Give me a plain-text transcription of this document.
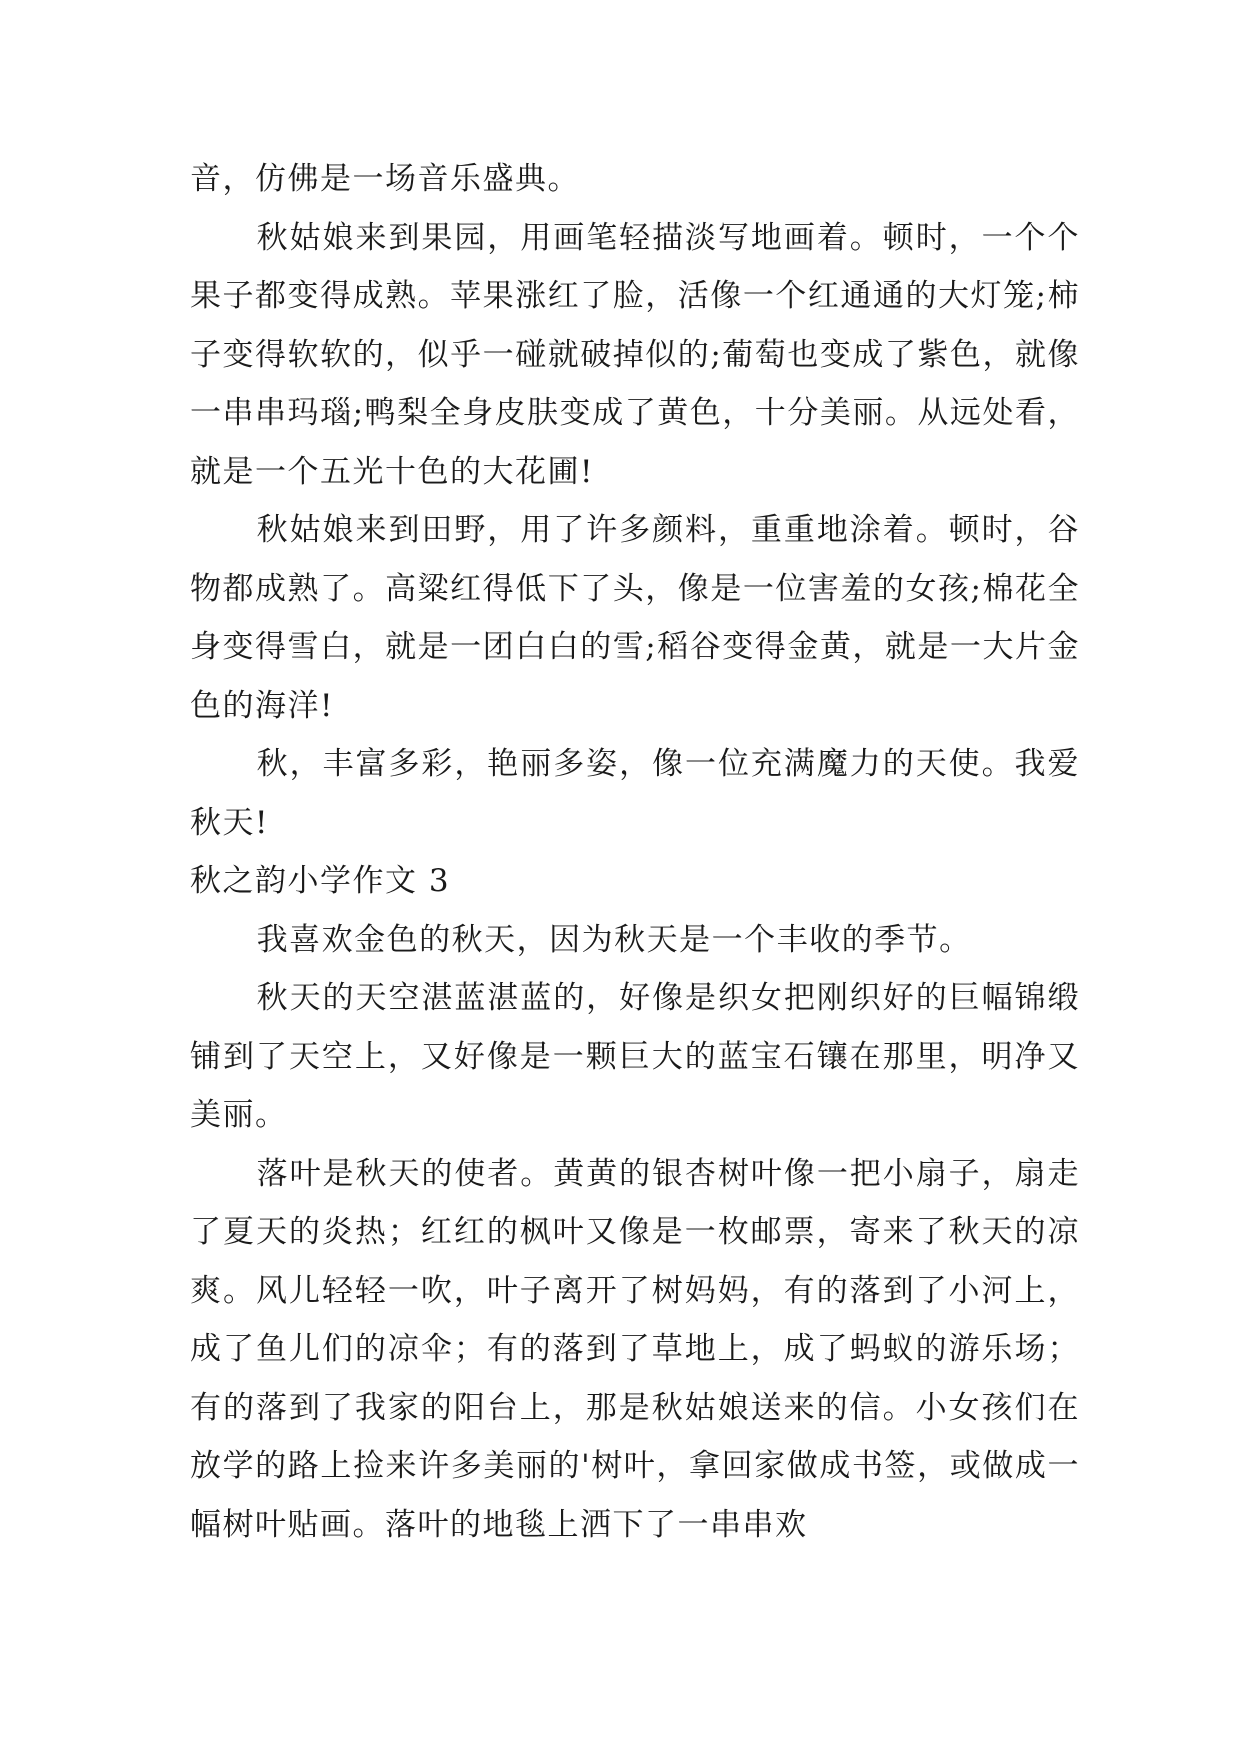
音，仿佛是一场音乐盛典。

秋姑娘来到果园，用画笔轻描淡写地画着。顿时，一个个果子都变得成熟。苹果涨红了脸，活像一个红通通的大灯笼;柿子变得软软的，似乎一碰就破掉似的;葡萄也变成了紫色，就像一串串玛瑙;鸭梨全身皮肤变成了黄色，十分美丽。从远处看，就是一个五光十色的大花圃!

秋姑娘来到田野，用了许多颜料，重重地涂着。顿时，谷物都成熟了。高粱红得低下了头，像是一位害羞的女孩;棉花全身变得雪白，就是一团白白的雪;稻谷变得金黄，就是一大片金色的海洋!

秋，丰富多彩，艳丽多姿，像一位充满魔力的天使。我爱秋天!

秋之韵小学作文 3

我喜欢金色的秋天，因为秋天是一个丰收的季节。

秋天的天空湛蓝湛蓝的，好像是织女把刚织好的巨幅锦缎铺到了天空上，又好像是一颗巨大的蓝宝石镶在那里，明净又美丽。

落叶是秋天的使者。黄黄的银杏树叶像一把小扇子，扇走了夏天的炎热；红红的枫叶又像是一枚邮票，寄来了秋天的凉爽。风儿轻轻一吹，叶子离开了树妈妈，有的落到了小河上，成了鱼儿们的凉伞；有的落到了草地上，成了蚂蚁的游乐场；有的落到了我家的阳台上，那是秋姑娘送来的信。小女孩们在放学的路上捡来许多美丽的'树叶，拿回家做成书签，或做成一幅树叶贴画。落叶的地毯上洒下了一串串欢
